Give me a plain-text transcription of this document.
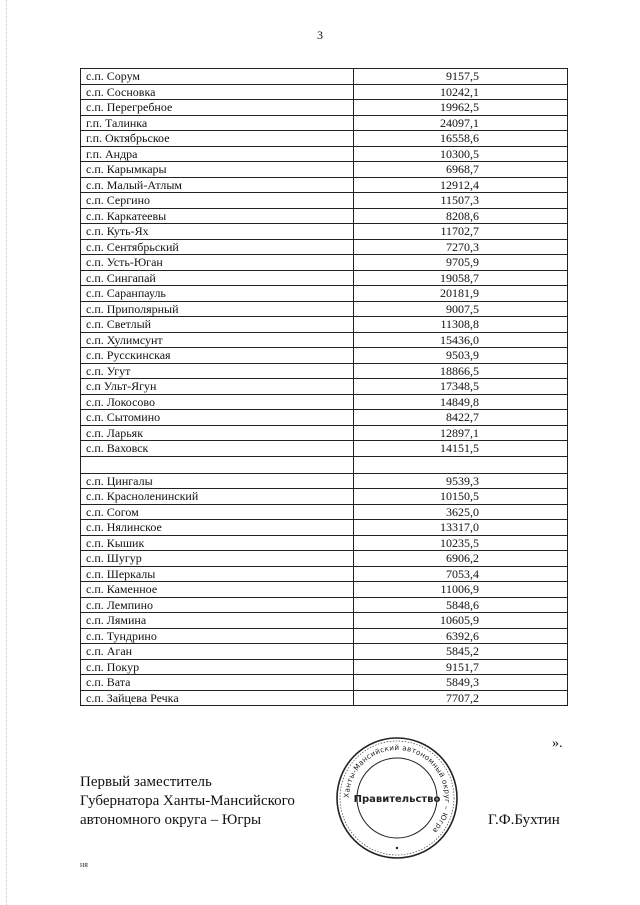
3
с.п. Сорум	9157,5
с.п. Сосновка	10242,1
с.п. Перегребное	19962,5
г.п. Талинка	24097,1
г.п. Октябрьское	16558,6
г.п. Андра	10300,5
с.п. Карымкары	6968,7
с.п. Малый-Атлым	12912,4
с.п. Сергино	11507,3
с.п. Каркатеевы	8208,6
с.п. Куть-Ях	11702,7
с.п. Сентябрьский	7270,3
с.п. Усть-Юган	9705,9
с.п. Сингапай	19058,7
с.п. Саранпауль	20181,9
с.п. Приполярный	9007,5
с.п. Светлый	11308,8
с.п. Хулимсунт	15436,0
с.п. Русскинская	9503,9
с.п. Угут	18866,5
с.п Ульт-Ягун	17348,5
с.п. Локосово	14849,8
с.п. Сытомино	8422,7
с.п. Ларьяк	12897,1
с.п. Ваховск	14151,5

с.п. Цингалы	9539,3
с.п. Красноленинский	10150,5
с.п. Согом	3625,0
с.п. Нялинское	13317,0
с.п. Кышик	10235,5
с.п. Шугур	6906,2
с.п. Шеркалы	7053,4
с.п. Каменное	11006,9
с.п. Лемпино	5848,6
с.п. Лямина	10605,9
с.п. Тундрино	6392,6
с.п. Аган	5845,2
с.п. Покур	9151,7
с.п. Вата	5849,3
с.п. Зайцева Речка	7707,2
».
Первый заместитель
Губернатора Ханты-Мансийского
автономного округа – Югры
Ханты-Мансийский автономный округ – Югра
Правительство
Г.Ф.Бухтин
ня
